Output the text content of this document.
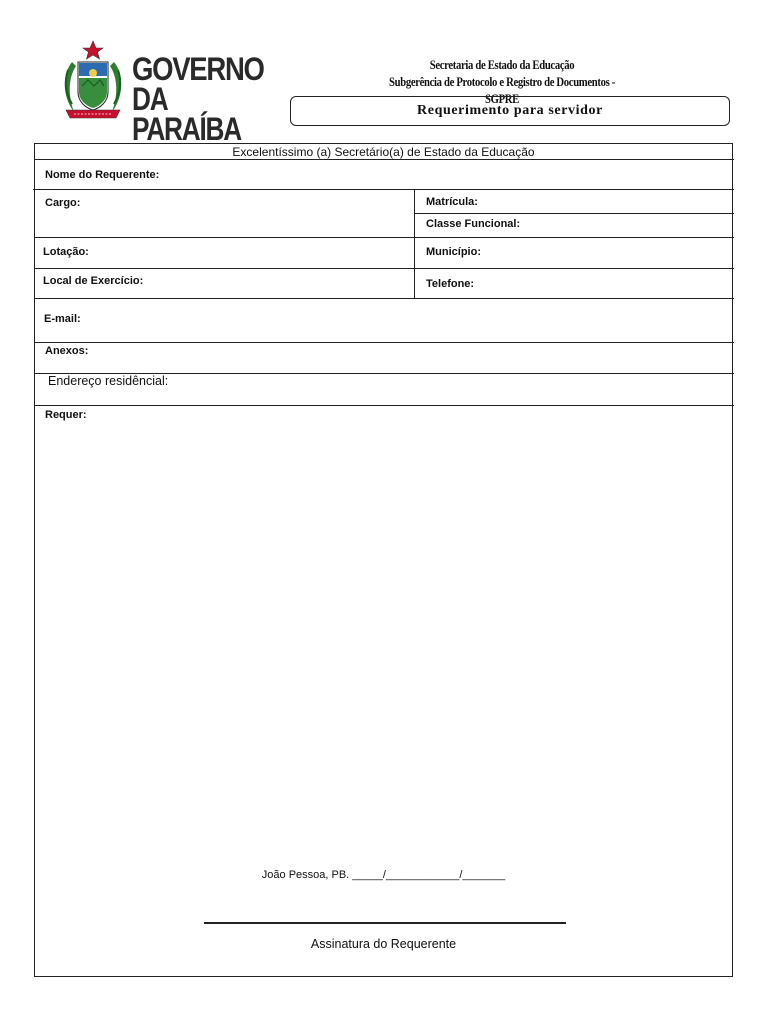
GOVERNO
DA PARAÍBA
Secretaria de Estado da Educação
Subgerência de Protocolo e Registro de Documentos - SGPRE
Requerimento para servidor
Excelentíssimo (a) Secretário(a) de Estado da Educação
Nome do Requerente:
Cargo:	Matrícula:
Classe Funcional:
Lotação:	Município:
Local de Exercício:	Telefone:
E-mail:
Anexos:
Endereço residêncial:
Requer:
João Pessoa, PB. _____/____________/_______
Assinatura do Requerente
